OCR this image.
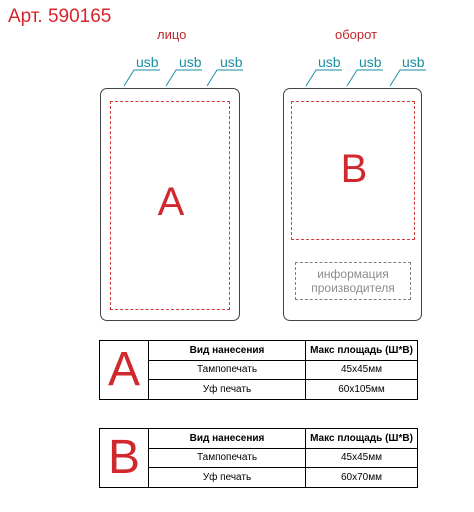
Арт. 590165
лицо	оборот
usb usb usb	usb usb usb
A
B
информация
производителя
A	Вид нанесения	Макс площадь (Ш*В)
	Тампопечать	45х45мм
	Уф печать	60х105мм
B	Вид нанесения	Макс площадь (Ш*В)
	Тампопечать	45х45мм
	Уф печать	60х70мм
